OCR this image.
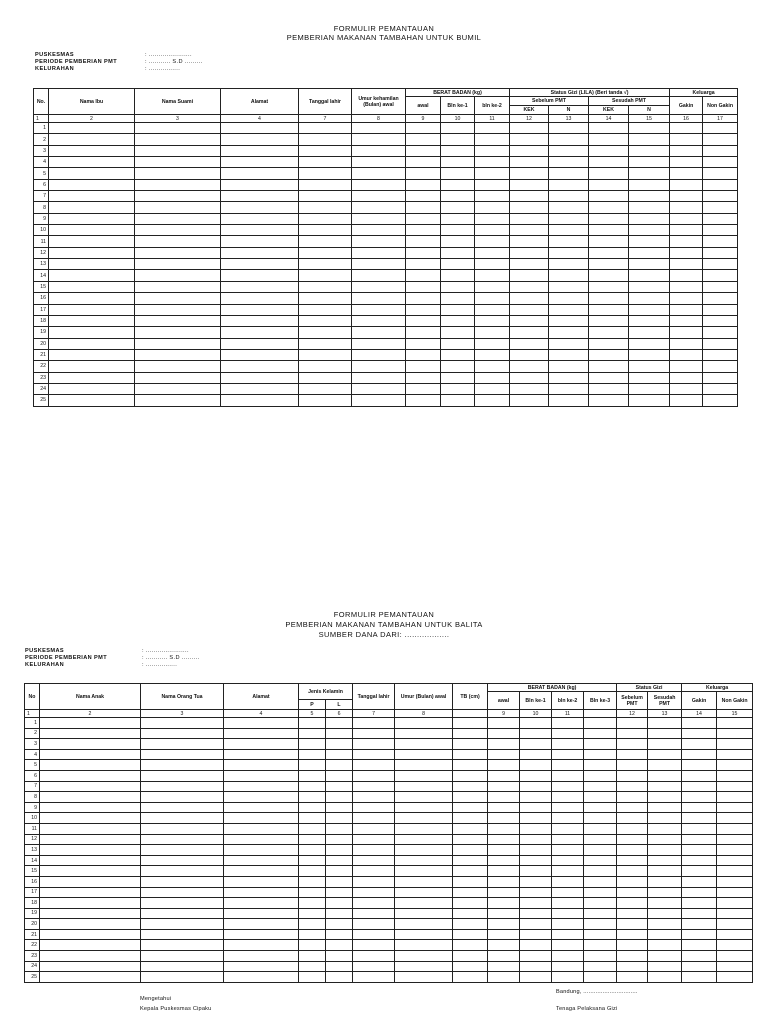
FORMULIR PEMANTAUAN
PEMBERIAN MAKANAN TAMBAHAN UNTUK BUMIL
PUSKESMAS	: ......................
PERIODE PEMBERIAN PMT	: ........... S.D .........
KELURAHAN	: ................
No.	Nama Ibu	Nama Suami	Alamat	Tanggal lahir	Umur kehamilan (Bulan) awal	BERAT BADAN (kg)			Status Gizi (LILA) (Beri tanda √)				Keluarga	
						awal	Bln ke-1	bln ke-2	Sebelum PMT		Sesudah PMT		Gakin	Non Gakin
									KEK	N	KEK	N		
1	2	3	4	7	8	9	10	11	12	13	14	15	16	17
1														
2														
3														
4														
5														
6														
7														
8														
9														
10														
11														
12														
13														
14														
15														
16														
17														
18														
19														
20														
21														
22														
23														
24														
25														
FORMULIR PEMANTAUAN
PEMBERIAN MAKANAN TAMBAHAN UNTUK BALITA
SUMBER DANA DARI: ..................
PUSKESMAS	: ......................
PERIODE PEMBERIAN PMT	: ........... S.D .........
KELURAHAN	: ................
No	Nama Anak	Nama Orang Tua	Alamat	Jenis Kelamin		Tanggal lahir	Umur (Bulan) awal	TB (cm)	BERAT BADAN (kg)				Status Gizi		Keluarga	
									awal	Bln ke-1	bln ke-2	Bln ke-3	Sebelum PMT	Sesudah PMT	Gakin	Non Gakin
				P	L											
1	2	3	4	5	6	7	8		9	10	11		12	13	14	15
1																
2																
3																
4																
5																
6																
7																
8																
9																
10																
11																
12																
13																
14																
15																
16																
17																
18																
19																
20																
21																
22																
23																
24																
25																
Bandung, ...............................
Mengetahui
Kepala Puskesmas Cipaku	Tenaga Pelaksana Gizi
